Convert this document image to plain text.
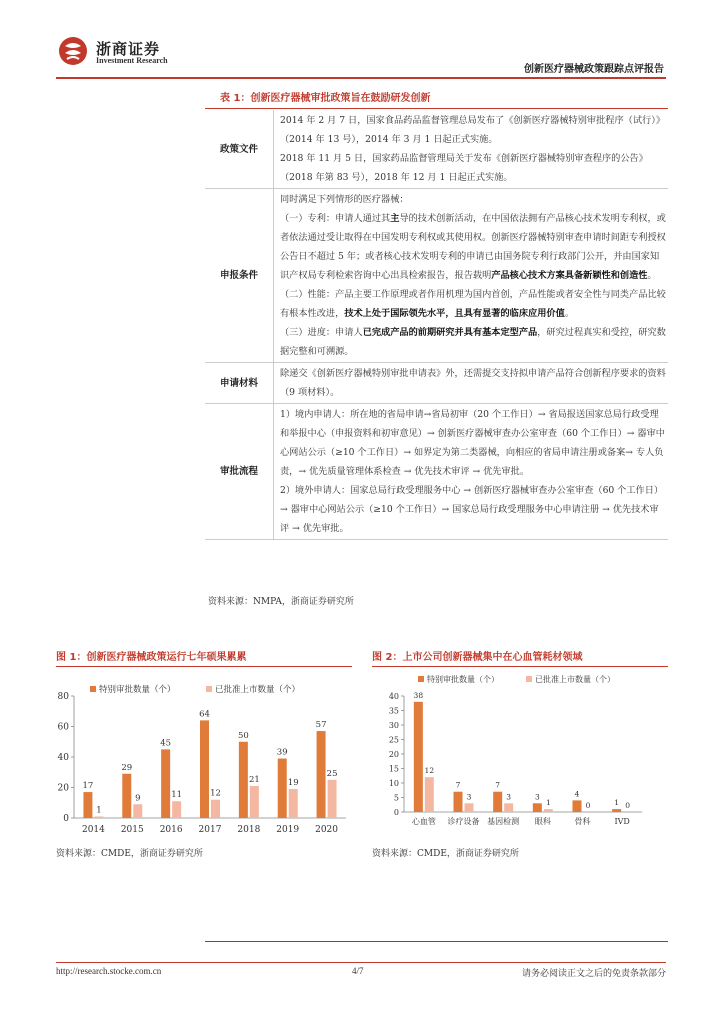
浙商证券
Investment Research
创新医疗器械政策跟踪点评报告
表 1：创新医疗器械审批政策旨在鼓励研发创新
政策文件	2014 年 2 月 7 日，国家食品药品监督管理总局发布了《创新医疗器械特别审批程序（试行）》（2014 年 13 号），2014 年 3 月 1 日起正式实施。

2018 年 11 月 5 日，国家药品监督管理局关于发布《创新医疗器械特别审查程序的公告》（2018 年第 83 号），2018 年 12 月 1 日起正式实施。

申报条件	同时满足下列情形的医疗器械：

（一）专利：申请人通过其主导的技术创新活动，在中国依法拥有产品核心技术发明专利权，或者依法通过受让取得在中国发明专利权或其使用权。创新医疗器械特别审查申请时间距专利授权公告日不超过 5 年；或者核心技术发明专利的申请已由国务院专利行政部门公开，并由国家知识产权局专利检索咨询中心出具检索报告，报告载明产品核心技术方案具备新颖性和创造性。

（二）性能：产品主要工作原理或者作用机理为国内首创，产品性能或者安全性与同类产品比较有根本性改进，技术上处于国际领先水平，且具有显著的临床应用价值。

（三）进度：申请人已完成产品的前期研究并具有基本定型产品，研究过程真实和受控，研究数据完整和可溯源。

申请材料	除递交《创新医疗器械特别审批申请表》外，还需提交支持拟申请产品符合创新程序要求的资料（9 项材料）。
审批流程	1）境内申请人：所在地的省局申请→省局初审（20 个工作日）→ 省局报送国家总局行政受理和举报中心（申报资料和初审意见）→ 创新医疗器械审查办公室审查（60 个工作日）→ 器审中心网站公示（≥10 个工作日）→ 如界定为第二类器械，向相应的省局申请注册或备案→ 专人负责，→ 优先质量管理体系检查 → 优先技术审评 → 优先审批。

2）境外申请人：国家总局行政受理服务中心 → 创新医疗器械审查办公室审查（60 个工作日）→ 器审中心网站公示（≥10 个工作日）→ 国家总局行政受理服务中心申请注册 → 优先技术审评 → 优先审批。

资料来源：NMPA，浙商证券研究所
图 1：创新医疗器械政策运行七年硕果累累
特别审批数量（个）	已批准上市数量（个）
0
20
40
60
80
2014
17
1
2015
29
9
2016
45
11
2017
64
12
2018
50
21
2019
39
19
2020
57
25
资料来源：CMDE，浙商证券研究所
图 2：上市公司创新器械集中在心血管耗材领域
特别审批数量（个）	已批准上市数量（个）
0
5
10
15
20
25
30
35
40
心血管
38
12
诊疗设备
7
3
基因检测
7
3
眼科
3
1
骨科
4
0
IVD
1 0
资料来源：CMDE，浙商证券研究所
http://research.stocke.com.cn	4/7	请务必阅读正文之后的免责条款部分
